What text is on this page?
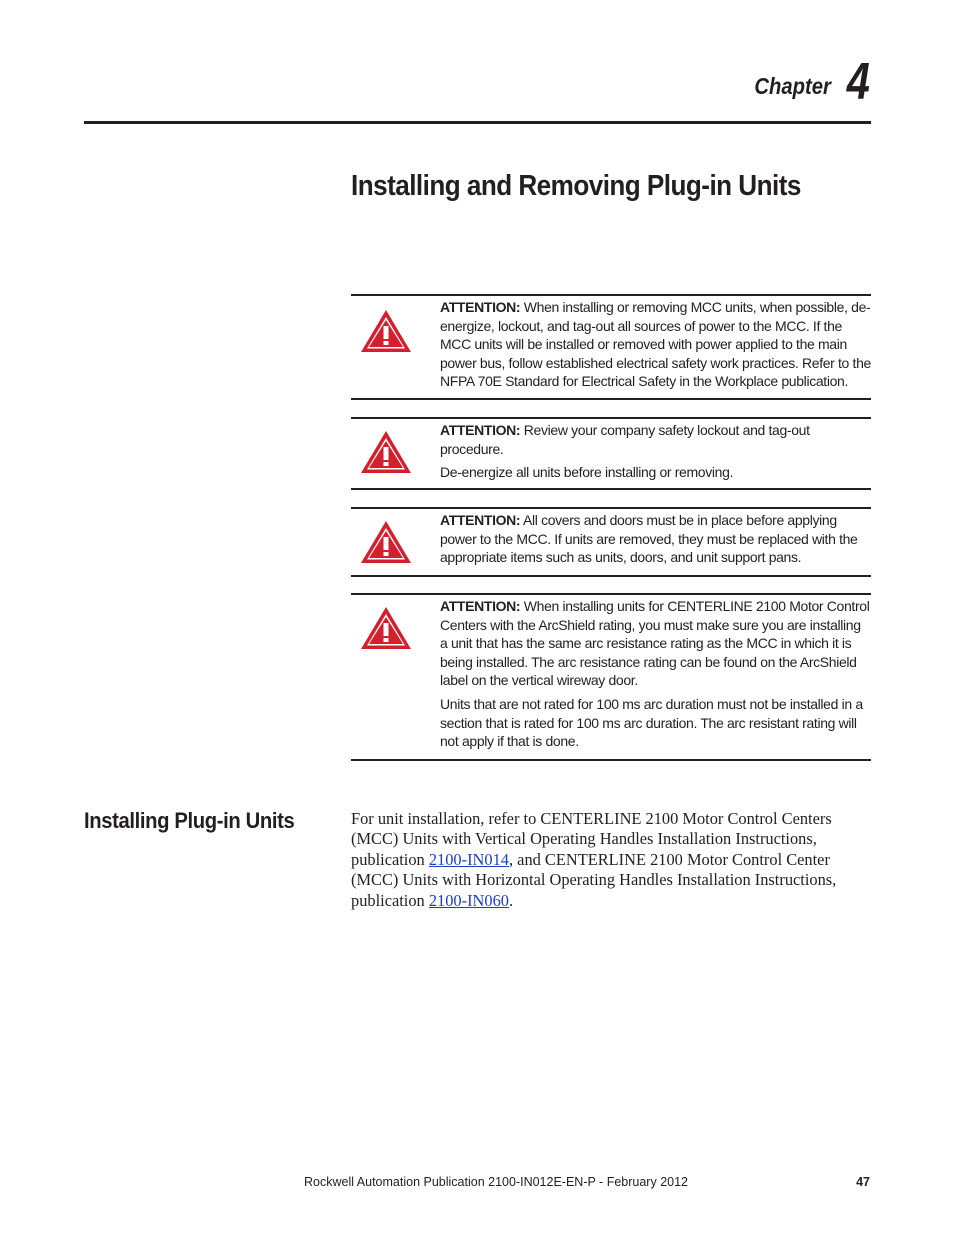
Chapter 4
Installing and Removing Plug-in Units

ATTENTION: When installing or removing MCC units, when possible, de-energize, lockout, and tag-out all sources of power to the MCC. If the MCC units will be installed or removed with power applied to the main power bus, follow established electrical safety work practices. Refer to the NFPA 70E Standard for Electrical Safety in the Workplace publication.

ATTENTION: Review your company safety lockout and tag-out procedure.

De-energize all units before installing or removing.

ATTENTION: All covers and doors must be in place before applying power to the MCC. If units are removed, they must be replaced with the appropriate items such as units, doors, and unit support pans.

ATTENTION: When installing units for CENTERLINE 2100 Motor Control Centers with the ArcShield rating, you must make sure you are installing a unit that has the same arc resistance rating as the MCC in which it is being installed. The arc resistance rating can be found on the ArcShield label on the vertical wireway door.

Units that are not rated for 100 ms arc duration must not be installed in a section that is rated for 100 ms arc duration. The arc resistant rating will not apply if that is done.

Installing Plug-in Units	For unit installation, refer to CENTERLINE 2100 Motor Control Centers (MCC) Units with Vertical Operating Handles Installation Instructions, publication 2100-IN014, and CENTERLINE 2100 Motor Control Center (MCC) Units with Horizontal Operating Handles Installation Instructions, publication 2100-IN060.

Rockwell Automation Publication 2100-IN012E-EN-P - February 2012	47
